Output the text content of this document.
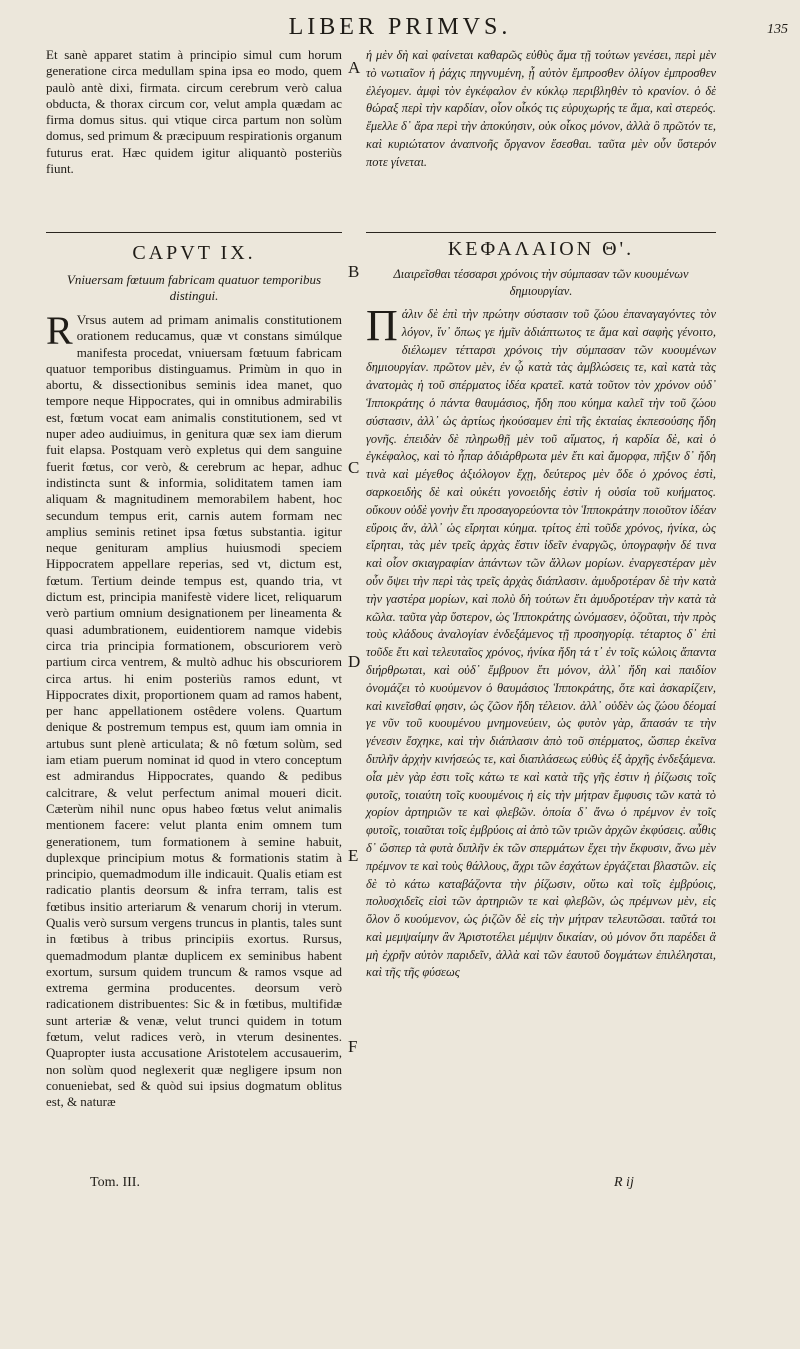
LIBER PRIMVS.	135
Et sanè apparet statim à principio simul cum horum generatione circa medullam spina ipsa eo modo, quem paulò antè dixi, firmata. circum cerebrum verò calua obducta, & thorax circum cor, velut ampla quædam ac firma domus situs. qui vtique circa partum non solùm domus, sed primum & præcipuum respirationis organum futurus erat. Hæc quidem igitur aliquantò posteriùs fiunt.
CAPVT IX.
Vniuersam fœtuum fabricam quatuor temporibus distingui.
R Vrsus autem ad primam animalis constitutionem orationem reducamus, quæ vt constans simúlque manifesta procedat, vniuersam fœtuum fabricam quatuor temporibus distinguamus. Primùm in quo in abortu, & dissectionibus seminis idea manet, quo tempore neque Hippocrates, qui in omnibus admirabilis est, fœtum vocat eam animalis constitutionem, sed vt nuper adeo audiuimus, in genitura quæ sex iam dierum fuit elapsa. Postquam verò expletus qui dem sanguine fuerit fœtus, cor verò, & cerebrum ac hepar, adhuc indistincta sunt & informia, soliditatem tamen iam aliquam & magnitudinem memorabilem habent, hoc secundum tempus erit, carnis autem formam nec amplius seminis retinet ipsa fœtus substantia. igitur neque genituram amplius huiusmodi speciem Hippocratem appellare reperias, sed vt, dictum est, fœtum. Tertium deinde tempus est, quando tria, vt dictum est, principia manifestè videre licet, reliquarum verò partium omnium designationem per lineamenta & quasi adumbrationem, euidentiorem namque videbis circa tria principia formationem, obscuriorem verò partium circa ventrem, & multò adhuc his obscuriorem circa artus. hi enim posteriùs ramos edunt, vt Hippocrates dixit, proportionem quam ad ramos habent, per hanc appellationem ostêdere volens. Quartum denique & postremum tempus est, quum iam omnia in artubus sunt plenè articulata; & nô fœtum solùm, sed iam etiam puerum nominat id quod in vtero conceptum est admirandus Hippocrates, quando & pedibus calcitrare, & velut perfectum animal moueri dicit. Cæterùm nihil nunc opus habeo fœtus velut animalis mentionem facere: velut planta enim omnem tum generationem, tum formationem à semine habuit, duplexque principium motus & formationis statim à principio, quemadmodum ille indicauit. Qualis etiam est radicatio plantis deorsum & infra terram, talis est fœtibus insitio arteriarum & venarum chorij in vterum. Qualis verò sursum vergens truncus in plantis, tales sunt in fœtibus à tribus principiis exortus. Rursus, quemadmodum plantæ duplicem ex seminibus habent exortum, sursum quidem truncum & ramos vsque ad extrema germina producentes. deorsum verò radicationem distribuentes: Sic & in fœtibus, multifidæ sunt arteriæ & venæ, velut trunci quidem in totum fœtum, velut radices verò, in vterum desinentes. Quapropter iusta accusatione Aristotelem accusauerim, non solùm quod neglexerit quæ negligere ipsum non conueniebat, sed & quòd sui ipsius dogmatum oblitus est, & naturæ
Tom. III.
A
B
C
D
E
F
ἡ μὲν δὴ καὶ φαίνεται καθαρῶς εὐθὺς ἅμα τῇ τούτων γενέσει, περὶ μὲν τὸ νωτιαῖον ἡ ῥάχις πηγνυμένη, ᾗ αὐτὸν ἔμπροσθεν ὀλίγον ἐμπροσθεν ἐλέγομεν. ἀμφὶ τὸν ἐγκέφαλον ἐν κύκλῳ περιβληθὲν τὸ κρανίον. ὁ δὲ θώραξ περὶ τὴν καρδίαν, οἷον οἶκός τις εὐρυχωρής τε ἅμα, καὶ στερεός. ἔμελλε δ᾽ ἄρα περὶ τὴν ἀποκύησιν, οὐκ οἶκος μόνον, ἀλλὰ ὃ πρῶτόν τε, καὶ κυριώτατον ἀναπνοῆς ὄργανον ἔσεσθαι. ταῦτα μὲν οὖν ὕστερόν ποτε γίνεται.
ΚΕΦΑΛΑΙΟΝ Θ'.
Διαιρεῖσθαι τέσσαρσι χρόνοις τὴν σύμπασαν τῶν κυουμένων δημιουργίαν.
Πάλιν δὲ ἐπὶ τὴν πρώτην σύστασιν τοῦ ζώου ἐπαναγαγόντες τὸν λόγον, ἵν᾽ ὅπως γε ἡμῖν ἀδιάπτωτος τε ἅμα καὶ σαφὴς γένοιτο, διέλωμεν τέτταρσι χρόνοις τὴν σύμπασαν τῶν κυουμένων δημιουργίαν. πρῶτον μὲν, ἐν ᾧ κατὰ τὰς ἀμβλώσεις τε, καὶ κατὰ τὰς ἀνατομὰς ἡ τοῦ σπέρματος ἰδέα κρατεῖ. κατὰ τοῦτον τὸν χρόνον οὐδ᾽ Ἱπποκράτης ὁ πάντα θαυμάσιος, ἤδη που κύημα καλεῖ τὴν τοῦ ζώου σύστασιν, ἀλλ᾽ ὡς ἀρτίως ἠκούσαμεν ἐπὶ τῆς ἐκταίας ἐκπεσούσης ἤδη γονῆς. ἐπειδὰν δὲ πληρωθῇ μὲν τοῦ αἵματος, ἡ καρδία δὲ, καὶ ὁ ἐγκέφαλος, καὶ τὸ ἧπαρ ἀδιάρθρωτα μὲν ἔτι καὶ ἄμορφα, πῆξιν δ᾽ ἤδη τινὰ καὶ μέγεθος ἀξιόλογον ἔχῃ, δεύτερος μὲν ὅδε ὁ χρόνος ἐστὶ, σαρκοειδὴς δὲ καὶ οὐκέτι γονοειδὴς ἐστὶν ἡ οὐσία τοῦ κυήματος. οὔκουν οὐδὲ γονὴν ἔτι προσαγορεύοντα τὸν Ἱπποκράτην ποιοῦτον ἰδέαν εὕροις ἄν, ἀλλ᾽ ὡς εἴρηται κύημα. τρίτος ἐπὶ τοῦδε χρόνος, ἡνίκα, ὡς εἴρηται, τὰς μὲν τρεῖς ἀρχὰς ἔστιν ἰδεῖν ἐναργῶς, ὑπογραφὴν δέ τινα καὶ οἷον σκιαγραφίαν ἁπάντων τῶν ἄλλων μορίων. ἐναργεστέραν μὲν οὖν ὄψει τὴν περὶ τὰς τρεῖς ἀρχὰς διάπλασιν. ἀμυδροτέραν δὲ τὴν κατὰ τὴν γαστέρα μορίων, καὶ πολὺ δὴ τούτων ἔτι ἀμυδροτέραν τὴν κατὰ τὰ κῶλα. ταῦτα γὰρ ὕστερον, ὡς Ἱπποκράτης ὠνόμασεν, ὀζοῦται, τὴν πρὸς τοὺς κλάδους ἀναλογίαν ἐνδεξάμενος τῇ προσηγορίᾳ. τέταρτος δ᾽ ἐπὶ τοῦδε ἔτι καὶ τελευταῖος χρόνος, ἡνίκα ἤδη τά τ᾽ ἐν τοῖς κώλοις ἅπαντα διήρθρωται, καὶ οὐδ᾽ ἔμβρυον ἔτι μόνον, ἀλλ᾽ ἤδη καὶ παιδίον ὀνομάζει τὸ κυούμενον ὁ θαυμάσιος Ἱπποκράτης, ὅτε καὶ ἀσκαρίζειν, καὶ κινεῖσθαί φησιν, ὡς ζῶον ἤδη τέλειον. ἀλλ᾽ οὐδὲν ὡς ζώου δέομαί γε νῦν τοῦ κυουμένου μνημονεύειν, ὡς φυτὸν γὰρ, ἅπασάν τε τὴν γένεσιν ἔσχηκε, καὶ τὴν διάπλασιν ἀπὸ τοῦ σπέρματος, ὥσπερ ἐκεῖνα διπλῆν ἀρχὴν κινήσεώς τε, καὶ διαπλάσεως εὐθὺς ἐξ ἀρχῆς ἐνδεξάμενα. οἷα μὲν γὰρ ἐστι τοῖς κάτω τε καὶ κατὰ τῆς γῆς ἐστιν ἡ ῥίζωσις τοῖς φυτοῖς, τοιαύτη τοῖς κυουμένοις ἡ εἰς τὴν μήτραν ἔμφυσις τῶν κατὰ τὸ χορίον ἀρτηριῶν τε καὶ φλεβῶν. ὁποία δ᾽ ἄνω ὁ πρέμνον ἐν τοῖς φυτοῖς, τοιαῦται τοῖς ἐμβρύοις αἱ ἀπὸ τῶν τριῶν ἀρχῶν ἐκφύσεις. αὖθις δ᾽ ὥσπερ τὰ φυτὰ διπλῆν ἐκ τῶν σπερμάτων ἔχει τὴν ἔκφυσιν, ἄνω μὲν πρέμνον τε καὶ τοὺς θάλλους, ἄχρι τῶν ἐσχάτων ἐργάζεται βλαστῶν. εἰς δὲ τὸ κάτω καταβάζοντα τὴν ῥίζωσιν, οὕτω καὶ τοῖς ἐμβρύοις, πολυσχιδεῖς εἰσὶ τῶν ἀρτηριῶν τε καὶ φλεβῶν, ὡς πρέμνων μὲν, εἰς ὅλον ὅ κυούμενον, ὡς ῥιζῶν δὲ εἰς τὴν μήτραν τελευτῶσαι. ταῦτά τοι καὶ μεμψαίμην ἂν Ἀριστοτέλει μέμψιν δικαίαν, οὐ μόνον ὅτι παρέδει ἃ μὴ ἐχρῆν αὐτὸν παριδεῖν, ἀλλὰ καὶ τῶν ἑαυτοῦ δογμάτων ἐπιλέλησται, καὶ τῆς τῆς φύσεως
R ij
